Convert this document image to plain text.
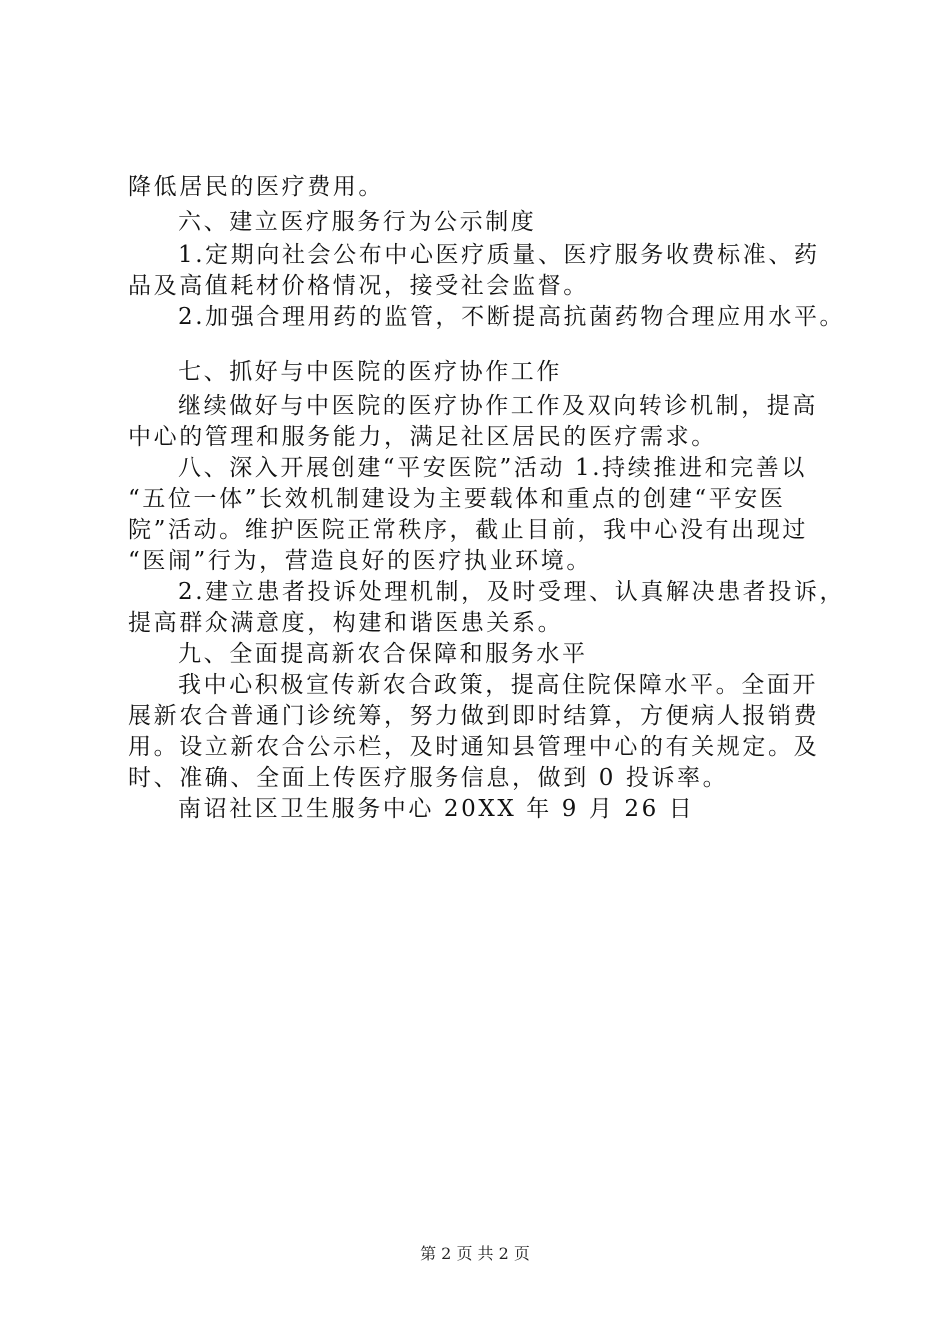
降低居民的医疗费用。
六、建立医疗服务行为公示制度
1.定期向社会公布中心医疗质量、医疗服务收费标准、药
品及高值耗材价格情况，接受社会监督。
2.加强合理用药的监管，不断提高抗菌药物合理应用水平。
七、抓好与中医院的医疗协作工作
继续做好与中医院的医疗协作工作及双向转诊机制，提高
中心的管理和服务能力，满足社区居民的医疗需求。
八、深入开展创建“平安医院”活动 1.持续推进和完善以
“五位一体”长效机制建设为主要载体和重点的创建“平安医
院”活动。维护医院正常秩序，截止目前，我中心没有出现过
“医闹”行为，营造良好的医疗执业环境。
2.建立患者投诉处理机制，及时受理、认真解决患者投诉，
提高群众满意度，构建和谐医患关系。
九、全面提高新农合保障和服务水平
我中心积极宣传新农合政策，提高住院保障水平。全面开
展新农合普通门诊统筹，努力做到即时结算，方便病人报销费
用。设立新农合公示栏，及时通知县管理中心的有关规定。及
时、准确、全面上传医疗服务信息，做到 0 投诉率。
南诏社区卫生服务中心 20XX 年 9 月 26 日
第 2 页 共 2 页
